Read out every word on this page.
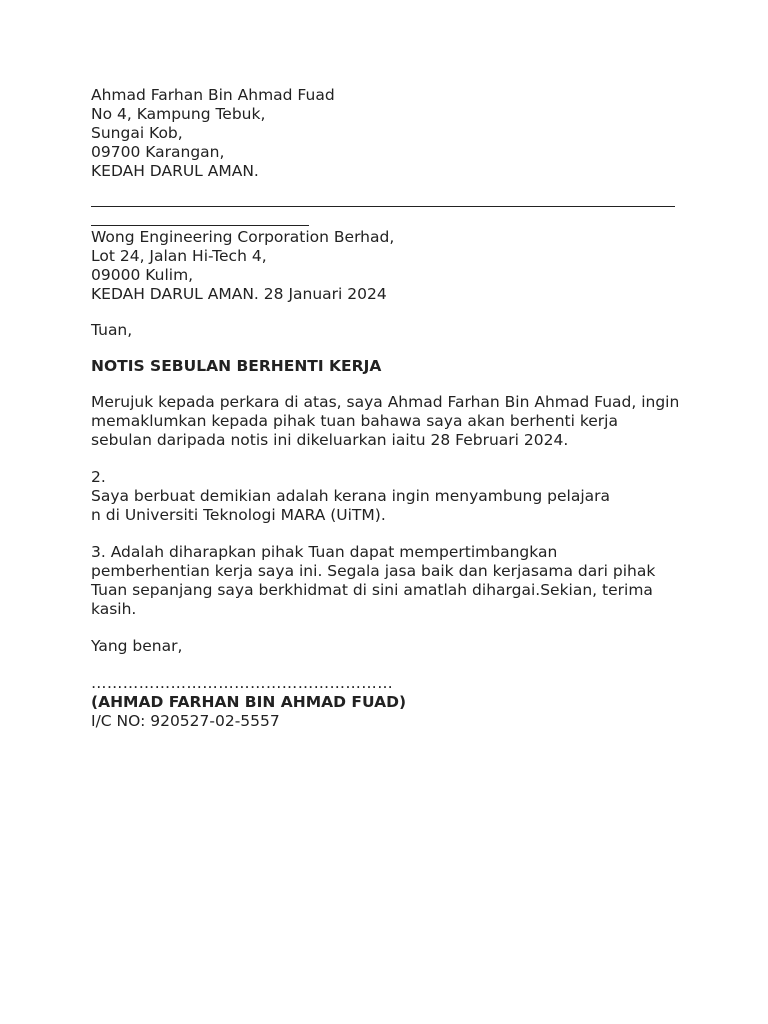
Ahmad Farhan Bin Ahmad Fuad
No 4, Kampung Tebuk,
Sungai Kob,
09700 Karangan,
KEDAH DARUL AMAN.
Wong Engineering Corporation Berhad,
Lot 24, Jalan Hi-Tech 4,
09000 Kulim,
KEDAH DARUL AMAN. 28 Januari 2024
Tuan,
NOTIS SEBULAN BERHENTI KERJA
Merujuk kepada perkara di atas, saya Ahmad Farhan Bin Ahmad Fuad, ingin memaklumkan kepada pihak tuan bahawa saya akan berhenti kerja sebulan daripada notis ini dikeluarkan iaitu 28 Februari 2024.
2.
Saya berbuat demikian adalah kerana ingin menyambung pelajara
n di Universiti Teknologi MARA (UiTM).
3. Adalah diharapkan pihak Tuan dapat mempertimbangkan pemberhentian kerja saya ini. Segala jasa baik dan kerjasama dari pihak Tuan sepanjang saya berkhidmat di sini amatlah dihargai.Sekian, terima kasih.
Yang benar,
…………………………………………………
(AHMAD FARHAN BIN AHMAD FUAD)
I/C NO: 920527-02-5557
